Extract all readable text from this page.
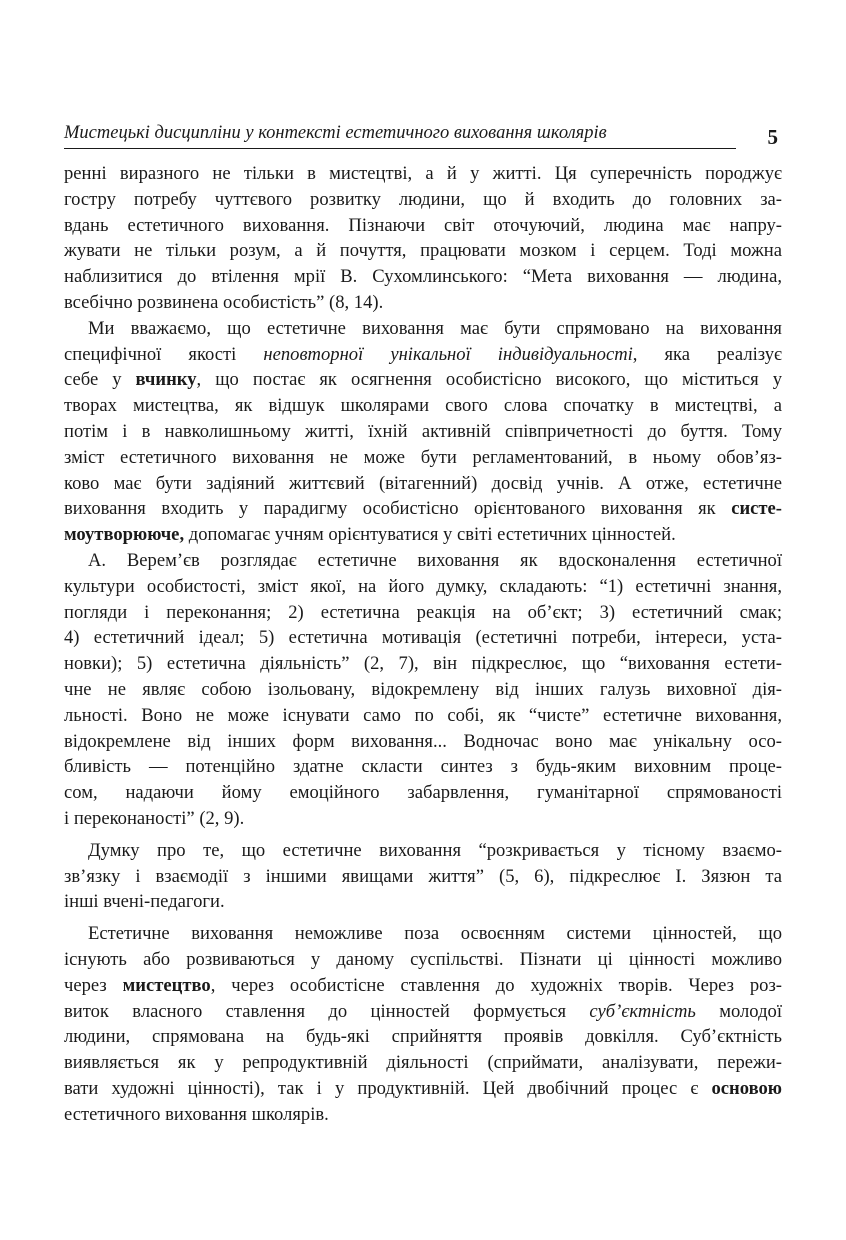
Мистецькі дисципліни у контексті естетичного виховання школярів	5
ренні виразного не тільки в мистецтві, а й у житті. Ця суперечність породжує
гостру потребу чуттєвого розвитку людини, що й входить до головних за-
вдань естетичного виховання. Пізнаючи світ оточуючий, людина має напру-
жувати не тільки розум, а й почуття, працювати мозком і серцем. Тоді можна
наблизитися до втілення мрії В. Сухомлинського: “Мета виховання — людина,
всебічно розвинена особистість” (8, 14).
Ми вважаємо, що естетичне виховання має бути спрямовано на виховання
специфічної якості неповторної унікальної індивідуальності, яка реалізує
себе у вчинку, що постає як осягнення особистісно високого, що міститься у
творах мистецтва, як відшук школярами свого слова спочатку в мистецтві, а
потім і в навколишньому житті, їхній активній співпричетності до буття. Тому
зміст естетичного виховання не може бути регламентований, в ньому обов’яз-
ково має бути задіяний життєвий (вітагенний) досвід учнів. А отже, естетичне
виховання входить у парадигму особистісно орієнтованого виховання як систе-
моутворююче, допомагає учням орієнтуватися у світі естетичних цінностей.
А. Верем’єв розглядає естетичне виховання як вдосконалення естетичної
культури особистості, зміст якої, на його думку, складають: “1) естетичні знання,
погляди і переконання; 2) естетична реакція на об’єкт; 3) естетичний смак;
4) естетичний ідеал; 5) естетична мотивація (естетичні потреби, інтереси, уста-
новки); 5) естетична діяльність” (2, 7), він підкреслює, що “виховання естети-
чне не являє собою ізольовану, відокремлену від інших галузь виховної дія-
льності. Воно не може існувати само по собі, як “чисте” естетичне виховання,
відокремлене від інших форм виховання... Водночас воно має унікальну осо-
бливість — потенційно здатне скласти синтез з будь-яким виховним проце-
сом, надаючи йому емоційного забарвлення, гуманітарної спрямованості
і переконаності” (2, 9).
Думку про те, що естетичне виховання “розкривається у тісному взаємо-
зв’язку і взаємодії з іншими явищами життя” (5, 6), підкреслює І. Зязюн та
інші вчені-педагоги.
Естетичне виховання неможливе поза освоєнням системи цінностей, що
існують або розвиваються у даному суспільстві. Пізнати ці цінності можливо
через мистецтво, через особистісне ставлення до художніх творів. Через роз-
виток власного ставлення до цінностей формується суб’єктність молодої
людини, спрямована на будь-які сприйняття проявів довкілля. Суб’єктність
виявляється як у репродуктивній діяльності (сприймати, аналізувати, пережи-
вати художні цінності), так і у продуктивній. Цей двобічний процес є основою
естетичного виховання школярів.
